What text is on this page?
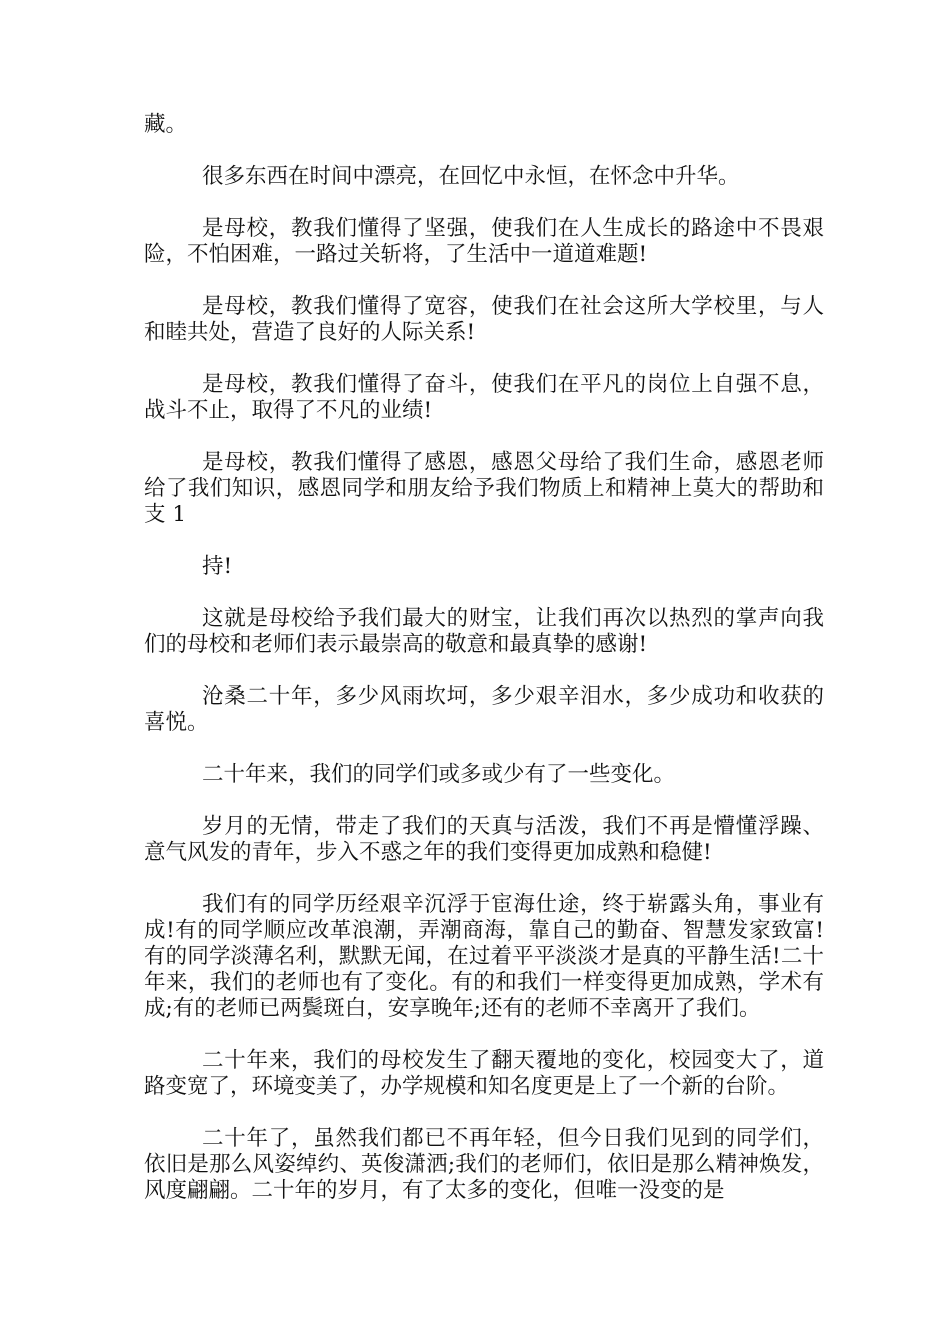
藏。

很多东西在时间中漂亮，在回忆中永恒，在怀念中升华。

是母校，教我们懂得了坚强，使我们在人生成长的路途中不畏艰险，不怕困难，一路过关斩将，了生活中一道道难题!

是母校，教我们懂得了宽容，使我们在社会这所大学校里，与人和睦共处，营造了良好的人际关系!

是母校，教我们懂得了奋斗，使我们在平凡的岗位上自强不息，战斗不止，取得了不凡的业绩!

是母校，教我们懂得了感恩，感恩父母给了我们生命，感恩老师给了我们知识，感恩同学和朋友给予我们物质上和精神上莫大的帮助和支 1

持!

这就是母校给予我们最大的财宝，让我们再次以热烈的掌声向我们的母校和老师们表示最崇高的敬意和最真挚的感谢!

沧桑二十年，多少风雨坎坷，多少艰辛泪水，多少成功和收获的喜悦。

二十年来，我们的同学们或多或少有了一些变化。

岁月的无情，带走了我们的天真与活泼，我们不再是懵懂浮躁、意气风发的青年，步入不惑之年的我们变得更加成熟和稳健!

我们有的同学历经艰辛沉浮于宦海仕途，终于崭露头角，事业有成!有的同学顺应改革浪潮，弄潮商海，靠自己的勤奋、智慧发家致富!有的同学淡薄名利，默默无闻，在过着平平淡淡才是真的平静生活!二十年来，我们的老师也有了变化。有的和我们一样变得更加成熟，学术有成;有的老师已两鬓斑白，安享晚年;还有的老师不幸离开了我们。

二十年来，我们的母校发生了翻天覆地的变化，校园变大了，道路变宽了，环境变美了，办学规模和知名度更是上了一个新的台阶。

二十年了，虽然我们都已不再年轻，但今日我们见到的同学们，依旧是那么风姿绰约、英俊潇洒;我们的老师们，依旧是那么精神焕发，风度翩翩。二十年的岁月，有了太多的变化，但唯一没变的是
